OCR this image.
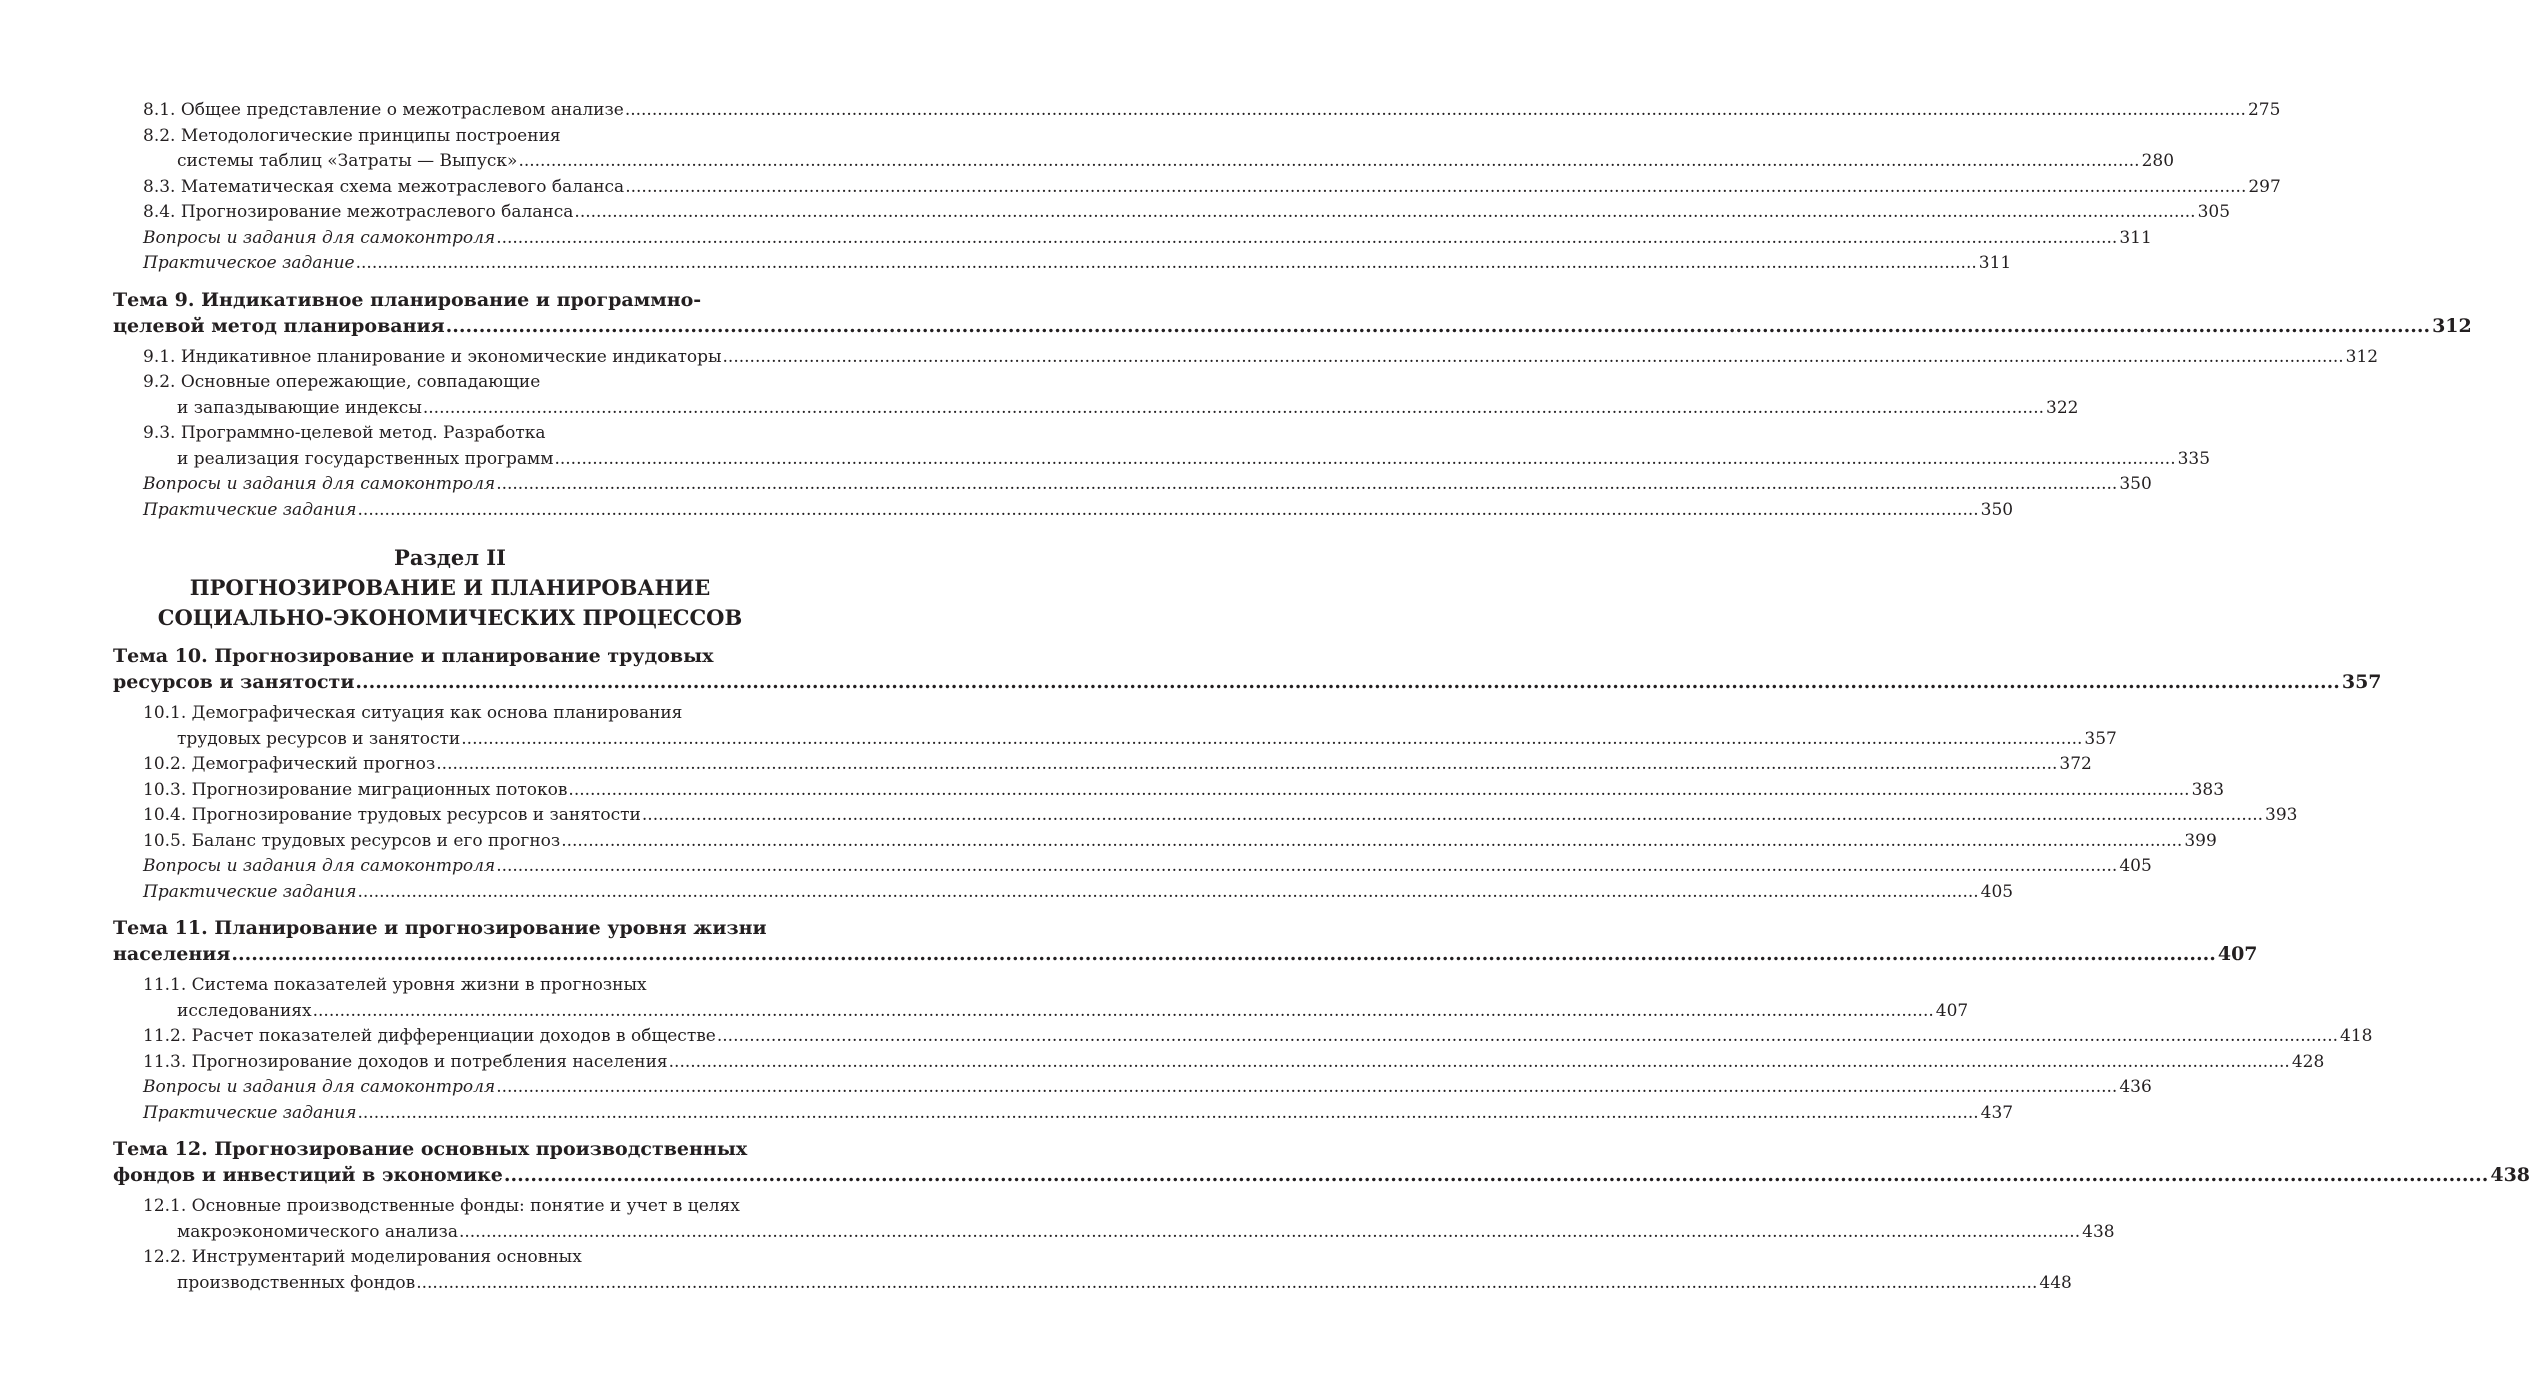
8.1. Общее представление о межотраслевом анализе ............................................................................................................................................................................................................................................................................................................ 275
8.2. Методологические принципы построения
системы таблиц «Затраты — Выпуск» ............................................................................................................................................................................................................................................................................................................ 280
8.3. Математическая схема межотраслевого баланса ............................................................................................................................................................................................................................................................................................................ 297
8.4. Прогнозирование межотраслевого баланса ............................................................................................................................................................................................................................................................................................................ 305
Вопросы и задания для самоконтроля ............................................................................................................................................................................................................................................................................................................ 311
Практическое задание ............................................................................................................................................................................................................................................................................................................ 311
Тема 9. Индикативное планирование и программно-
целевой метод планирования ............................................................................................................................................................................................................................................................................................................ 312
9.1. Индикативное планирование и экономические индикаторы ............................................................................................................................................................................................................................................................................................................ 312
9.2. Основные опережающие, совпадающие
и запаздывающие индексы ............................................................................................................................................................................................................................................................................................................ 322
9.3. Программно-целевой метод. Разработка
и реализация государственных программ ............................................................................................................................................................................................................................................................................................................ 335
Вопросы и задания для самоконтроля ............................................................................................................................................................................................................................................................................................................ 350
Практические задания ............................................................................................................................................................................................................................................................................................................ 350
Раздел II
ПРОГНОЗИРОВАНИЕ И ПЛАНИРОВАНИЕ
СОЦИАЛЬНО-ЭКОНОМИЧЕСКИХ ПРОЦЕССОВ
Тема 10. Прогнозирование и планирование трудовых
ресурсов и занятости ............................................................................................................................................................................................................................................................................................................ 357
10.1. Демографическая ситуация как основа планирования
трудовых ресурсов и занятости ............................................................................................................................................................................................................................................................................................................ 357
10.2. Демографический прогноз ............................................................................................................................................................................................................................................................................................................ 372
10.3. Прогнозирование миграционных потоков ............................................................................................................................................................................................................................................................................................................ 383
10.4. Прогнозирование трудовых ресурсов и занятости ............................................................................................................................................................................................................................................................................................................ 393
10.5. Баланс трудовых ресурсов и его прогноз ............................................................................................................................................................................................................................................................................................................ 399
Вопросы и задания для самоконтроля ............................................................................................................................................................................................................................................................................................................ 405
Практические задания ............................................................................................................................................................................................................................................................................................................ 405
Тема 11. Планирование и прогнозирование уровня жизни
населения ............................................................................................................................................................................................................................................................................................................ 407
11.1. Система показателей уровня жизни в прогнозных
исследованиях ............................................................................................................................................................................................................................................................................................................ 407
11.2. Расчет показателей дифференциации доходов в обществе ............................................................................................................................................................................................................................................................................................................ 418
11.3. Прогнозирование доходов и потребления населения ............................................................................................................................................................................................................................................................................................................ 428
Вопросы и задания для самоконтроля ............................................................................................................................................................................................................................................................................................................ 436
Практические задания ............................................................................................................................................................................................................................................................................................................ 437
Тема 12. Прогнозирование основных производственных
фондов и инвестиций в экономике ............................................................................................................................................................................................................................................................................................................ 438
12.1. Основные производственные фонды: понятие и учет в целях
макроэкономического анализа ............................................................................................................................................................................................................................................................................................................ 438
12.2. Инструментарий моделирования основных
производственных фондов ............................................................................................................................................................................................................................................................................................................ 448
